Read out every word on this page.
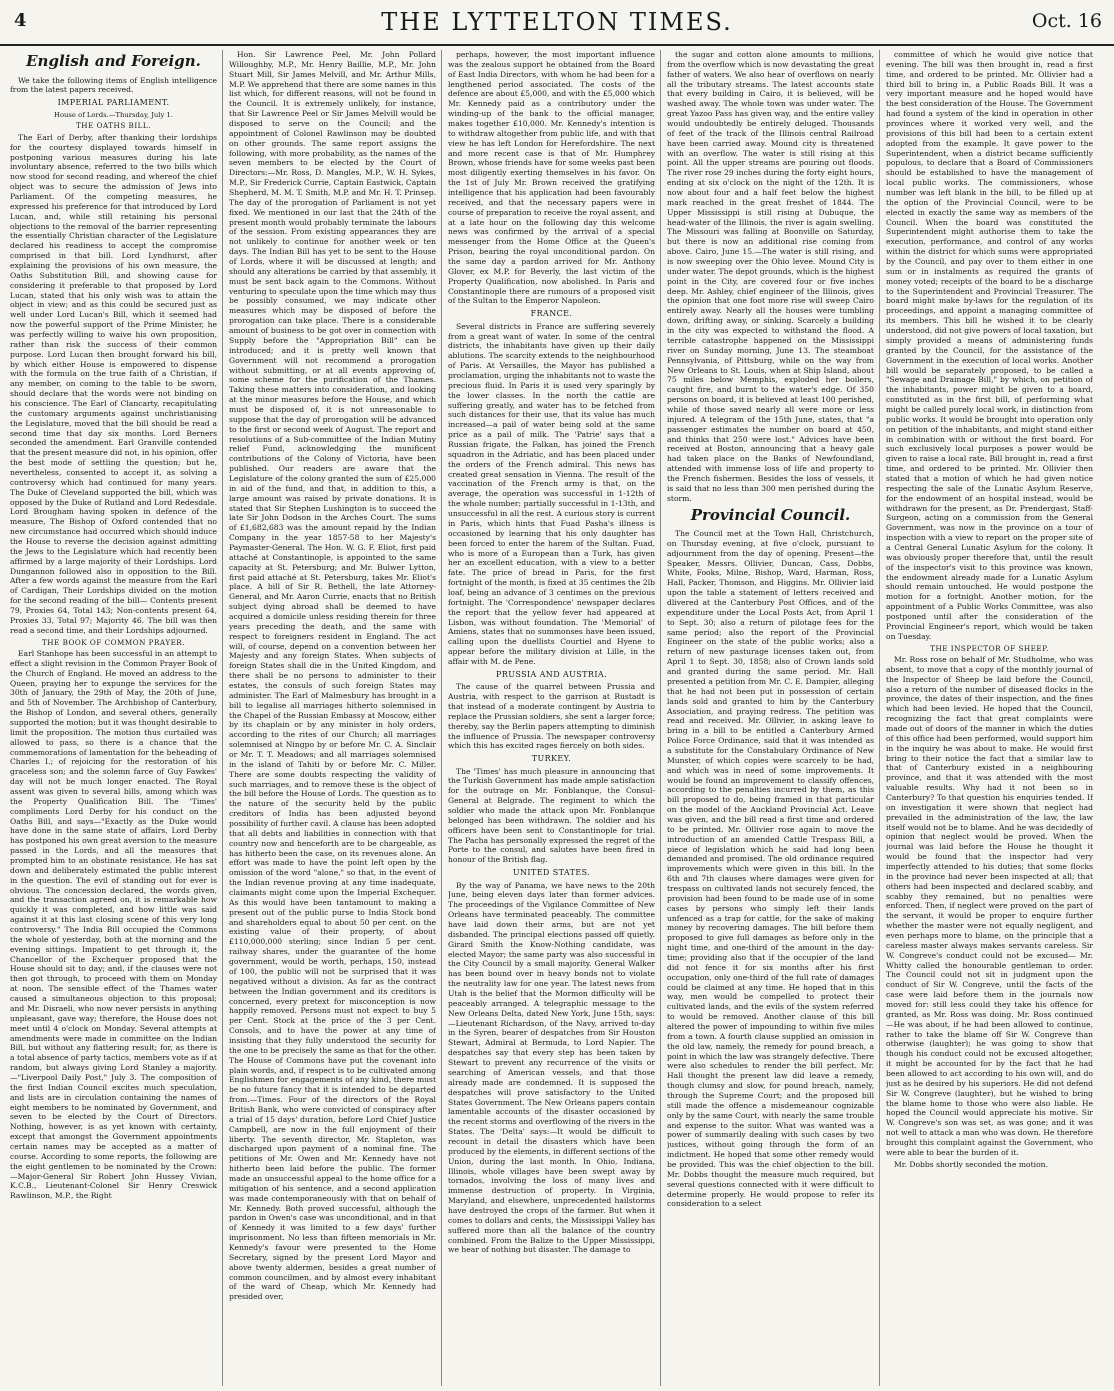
4	THE LYTTELTON TIMES.	Oct. 16
English and Foreign.

We take the following items of English intelligence from the latest papers received.

IMPERIAL PARLIAMENT.
House of Lords.—Thursday, July 1.
THE OATHS BILL.

The Earl of Derby, after thanking their lordships for the courtesy displayed towards himself in postponing various measures during his late involuntary absence, referred to the two bills which now stood for second reading, and whereof the chief object was to secure the admission of Jews into Parliament. Of the competing measures, he expressed his preference for that introduced by Lord Lucan, and, while still retaining his personal objections to the removal of the barrier representing the essentially Christian character of the Legislature declared his readiness to accept the compromise comprised in that bill. Lord Lyndhurst, after explaining the provisions of his own measure, the Oaths Substitution Bill, and showing cause for considering it preferable to that proposed by Lord Lucan, stated that his only wish was to attain the object in view; and as this could be secured just as well under Lord Lucan's Bill, which it seemed had now the powerful support of the Prime Minister, he was perfectly willing to waive his own proposition, rather than risk the success of their common purpose. Lord Lucan then brought forward his bill, by which either House is empowered to dispense with the formula on the true faith of a Christian, if any member, on coming to the table to be sworn, should declare that the words were not binding on his conscience. The Earl of Clancarty, recapitulating the customary arguments against unchristianising the Legislature, moved that the bill should be read a second time that day six months. Lord Berners seconded the amendment. Earl Granville contended that the present measure did not, in his opinion, offer the best mode of settling the question; but he, nevertheless, consented to accept it, as solving a controversy which had continued for many years. The Duke of Cleveland supported the bill, which was opposed by the Duke of Rutland and Lord Redesdale. Lord Brougham having spoken in defence of the measure, The Bishop of Oxford contended that no new circumstance had occurred which should induce the House to reverse the decision against admitting the Jews to the Legislature which had recently been affirmed by a large majority of their Lordships. Lord Dungannon followed also in opposition to the Bill. After a few words against the measure from the Earl of Cardigan, Their Lordships divided on the motion for the second reading of the bill— Contents present 79, Proxies 64, Total 143; Non-contents present 64, Proxies 33, Total 97; Majority 46. The bill was then read a second time, and their Lordships adjourned.

THE BOOK OF COMMON PRAYER.

Earl Stanhope has been successful in an attempt to effect a slight revision in the Common Prayer Book of the Church of England. He moved an address to the Queen, praying her to expunge the services for the 30th of January, the 29th of May, the 20th of June, and 5th of November. The Archbishop of Canterbury, the Bishop of London, and several others, generally supported the motion; but it was thought desirable to limit the proposition. The motion thus curtailed was allowed to pass, so there is a chance that the commemorations of lamentation for the beheading of Charles I.; of rejoicing for the restoration of his graceless son; and the solemn farce of Guy Fawkes' day will not be much longer enacted. The Royal assent was given to several bills, among which was the Property Qualification Bill. The 'Times' compliments Lord Derby for his conduct on the Oaths Bill, and says—"Exactly as the Duke would have done in the same state of affairs, Lord Derby has postponed his own great aversion to the measure passed in the Lords, and all the measures that prompted him to an obstinate resistance. He has sat down and deliberately estimated the public interest in the question. The evil of standing out for ever is obvious. The concession declared, the words given, and the transaction agreed on, it is remarkable how quickly it was completed, and how little was said against it at this last closing scene of this very long controversy." The India Bill occupied the Commons the whole of yesterday, both at the morning and the evening sittings. Impatient to get through it, the Chancellor of the Exchequer proposed that the House should sit to day; and, if the clauses were not then got through, to proceed with them on Monday at noon. The sensible effect of the Thames water caused a simultaneous objection to this proposal; and Mr. Disraeli, who now never persists in anything unpleasant, gave way; therefore, the House does not meet until 4 o'clock on Monday. Several attempts at amendments were made in committee on the Indian Bill, but without any flattering result; for, as there is a total absence of party tactics, members vote as if at random, but always giving Lord Stanley a majority.—"Liverpool Daily Post," July 3. The composition of the first Indian Council excites much speculation, and lists are in circulation containing the names of eight members to be nominated by Government, and seven to be elected by the Court of Directors. Nothing, however, is as yet known with certainty, except that amongst the Government appointments certain names may be accepted as a matter of course. According to some reports, the following are the eight gentlemen to be nominated by the Crown:—Major-General Sir Robert John Hussey Vivian, K.C.B., Lieutenant-Colonel Sir Henry Creswick Rawlinson, M.P., the Right

Hon. Sir Lawrence Peel, Mr. John Pollard Willoughby, M.P., Mr. Henry Baillie, M.P., Mr. John Stuart Mill, Sir James Melvill, and Mr. Arthur Mills, M.P. We apprehend that there are some names in this list which, for different reasons, will not be found in the Council. It is extremely unlikely, for instance, that Sir Lawrence Peel or Sir James Melvill would be disposed to serve on the Council; and the appointment of Colonel Rawlinson may be doubted on other grounds. The same report assigns the following, with more probability, as the names of the seven members to be elected by the Court of Directors:—Mr. Ross, D. Mangles, M.P., W. H. Sykes, M.P., Sir Frederick Currie, Captain Eastwick, Captain Shepherd, M. M. T. Smith, M.P. and Mr. H. T. Prinsep. The day of the prorogation of Parliament is not yet fixed. We mentioned in our last that the 24th of the present month would probably terminate the labours of the session. From existing appearances they are not unlikely to continue for another week or ten days. The Indian Bill has yet to be sent to the House of Lords, where it will be discussed at length; and should any alterations be carried by that assembly, it must be sent back again to the Commons. Without venturing to speculate upon the time which may thus be possibly consumed, we may indicate other measures which may be disposed of before the prorogation can take place. There is a considerable amount of business to be got over in connection with Supply before the "Appropriation Bill" can be introduced; and it is pretty well known that Government will not recommend a prorogation without submitting, or at all events approving of, some scheme for the purification of the Thames. Taking these matters into consideration, and looking at the minor measures before the House, and which must be disposed of, it is not unreasonable to suppose that the day of prorogation will be advanced to the first or second week of August. The report and resolutions of a Sub-committee of the Indian Mutiny relief Fund, acknowledging the munificent contributions of the Colony of Victoria, have been published. Our readers are aware that the Legislature of the colony granted the sum of £25,000 in aid of the fund, and that, in addition to this, a large amount was raised by private donations. It is stated that Sir Stephen Lushington is to succeed the late Sir John Dodson in the Arches Court. The sums of £1,682,683 was the amount repaid by the Indian Company in the year 1857-58 to her Majesty's Paymaster-General. The Hon. W. G. F. Eliot, first paid attaché at Constantinople, is appointed to the same capacity at St. Petersburg; and Mr. Bulwer Lytton, first paid attaché at St. Petersburg, takes Mr. Eliot's place. A bill of Sir R. Bethell, the late Attorney-General, and Mr. Aaron Currie, enacts that no British subject dying abroad shall be deemed to have acquired a domicile unless residing therein for three years preceding the death, and the same with respect to foreigners resident in England. The act will, of course, depend on a convention between her Majesty and any foreign States. When subjects of foreign States shall die in the United Kingdom, and there shall be no persons to administer to their estates, the consuls of such foreign States may administer. The Earl of Malmesbury has brought in a bill to legalise all marriages hitherto solemnised in the Chapel of the Russian Embassy at Moscow, either by its chaplain or by any minister in holy orders, according to the rites of our Church; all marriages solemnised at Ningpo by or before Mr. C. A. Sinclair or Mr. T. T. Meadows; and all marriages solemnised in the island of Tahiti by or before Mr. C. Miller. There are some doubts respecting the validity of such marriages, and to remove these is the object of the bill before the House of Lords. The question as to the nature of the security held by the public creditors of India has been adjusted beyond possibility of further cavil. A clause has been adopted that all debts and liabilities in connection with that country now and henceforth are to be chargeable, as has hitherto been the case, on its revenues alone. An effort was made to have the point left open by the omission of the word "alone," so that, in the event of the Indian revenue proving at any time inadequate, claimants might come upon the Imperial Exchequer. As this would have been tantamount to making a present out of the public purse to India Stock bond and shareholders equal to about 50 per cent. on the existing value of their property, of about £110,000,000 sterling; since Indian 5 per cent. railway shares, under the guarantee of the home government, would be worth, perhaps, 150, instead of 100, the public will not be surprised that it was negatived without a division. As far as the contract between the Indian government and its creditors is concerned, every pretext for misconception is now happily removed. Persons must not expect to buy 5 per Cent. Stock at the price of the 3 per Cent. Consols, and to have the power at any time of insisting that they fully understood the security for the one to be precisely the same as that for the other. The House of Commons have put the covenant into plain words, and, if respect is to be cultivated among Englishmen for engagements of any kind, there must be no future fancy that it is intended to be departed from.—Times. Four of the directors of the Royal British Bank, who were convicted of conspiracy after a trial of 15 days' duration, before Lord Chief Justice Campbell, are now in the full enjoyment of their liberty. The seventh director, Mr. Stapleton, was discharged upon payment of a nominal fine. The petitions of Mr. Owen and Mr. Kennedy have not hitherto been laid before the public. The former made an unsuccessful appeal to the home office for a mitigation of his sentence, and a second application was made contemporaneously with that on behalf of Mr. Kennedy. Both proved successful, although the pardon in Owen's case was unconditional, and in that of Kennedy it was limited to a few days' further imprisonment. No less than fifteen memorials in Mr. Kennedy's favour were presented to the Home Secretary, signed by the present Lord Mayor and above twenty aldermen, besides a great number of common councilmen, and by almost every inhabitant of the ward of Cheap, which Mr. Kennedy had presided over,

perhaps, however, the most important influence was the zealous support he obtained from the Board of East India Directors, with whom he had been for a lengthened period associated. The costs of the defence are about £5,000, and with the £5,000 which Mr. Kennedy paid as a contributory under the winding-up of the bank to the official manager, makes together £10,000. Mr. Kennedy's intention is to withdraw altogether from public life, and with that view he has left London for Herefordshire. The next and more recent case is that of Mr. Humphrey Brown, whose friends have for some weeks past been most diligently exerting themselves in his favor. On the 1st of July Mr. Brown received the gratifying intelligence that his application had been favourably received, and that the necessary papers were in course of preparation to receive the royal assent, and at a late hour on the following day this welcome news was confirmed by the arrival of a special messenger from the Home Office at the Queen's Prison, bearing the royal unconditional pardon. On the same day a pardon arrived for Mr. Anthony Glover, ex M.P. for Beverly, the last victim of the Property Qualification, now abolished. In Paris and Constantinople there are rumours of a proposed visit of the Sultan to the Emperor Napoleon.

FRANCE.

Several districts in France are suffering severely from a great want of water. In some of the central districts, the inhabitants have given up their daily ablutions. The scarcity extends to the neighbourhood of Paris. At Versailles, the Mayor has published a proclamation, urging the inhabitants not to waste the precious fluid. In Paris it is used very sparingly by the lower classes. In the north the cattle are suffering greatly, and water has to be fetched from such distances for their use, that its value has much increased—a pail of water being sold at the same price as a pail of milk. The 'Patrie' says that a Russian frigate, the Falkan, has joined the French squadron in the Adriatic, and has been placed under the orders of the French admiral. This news has created great sensation in Vienna. The result of the vaccination of the French army is that, on the average, the operation was successful in 1-12th of the whole number; partially successful in 1-13th, and unsuccessful in all the rest. A curious story is current in Paris, which hints that Fuad Pasha's illness is occasioned by learning that his only daughter has been forced to enter the harem of the Sultan. Fuad, who is more of a European than a Turk, has given her an excellent education, with a view to a better fate. The price of bread in Paris, for the first fortnight of the month, is fixed at 35 centimes the 2lb loaf, being an advance of 3 centimes on the previous fortnight. The 'Correspondence' newspaper declares the report that the yellow fever had appeared at Lisbon, was without foundation. The 'Memorial' of Amiens, states that no summonses have been issued, calling upon the duellists Courtiel and Hyene to appear before the military division at Lille, in the affair with M. de Pene.

PRUSSIA AND AUSTRIA.

The cause of the quarrel between Prussia and Austria, with respect to the garrison at Rustadt is that instead of a moderate contingent by Austria to replace the Prussian soldiers, she sent a larger force; thereby, say the Berlin papers attempting to diminish the influence of Prussia. The newspaper controversy which this has excited rages fiercely on both sides.

TURKEY.

The 'Times' has much pleasure in announcing that the Turkish Government has made ample satisfaction for the outrage on Mr. Fonblanque, the Consul-General at Belgrade. The regiment to which the soldier who made the attack upon Mr. Fonblanque belonged has been withdrawn. The soldier and his officers have been sent to Constantinople for trial. The Pacha has personally expressed the regret of the Porte to the consul, and salutes have been fired in honour of the British flag.

UNITED STATES.

By the way of Panama, we have news to the 20th June, being eleven days later than former advices. The proceedings of the Vigilance Committee of New Orleans have terminated peaceably. The committee have laid down their arms, but are not yet disbanded. The principal elections passed off quietly. Girard Smith the Know-Nothing candidate, was elected Mayor; the same party was also successful in the City Council by a small majority. General Walker has been bound over in heavy bonds not to violate the neutrality law for one year. The latest news from Utah is the belief that the Mormon difficulty will be peaceably arranged. A telegraphic message to the New Orleans Delta, dated New York, June 15th, says:—Lieutenant Richardson, of the Navy, arrived to-day in the Syren, bearer of despatches from Sir Houston Stewart, Admiral at Bermuda, to Lord Napier. The despatches say that every step has been taken by Stewart to prevent any recurrence of the visits or searching of American vessels, and that those already made are condemned. It is supposed the despatches will prove satisfactory to the United States Government. The New Orleans papers contain lamentable accounts of the disaster occasioned by the recent storms and overflowing of the rivers in the States. The 'Delta' says:—It would be difficult to recount in detail the disasters which have been produced by the elements, in different sections of the Union, during the last month. In Ohio, Indiana, Illinois, whole villages have been swept away by tornados, involving the loss of many lives and immense destruction of property. In Virginia, Maryland, and elsewhere, unprecedented hailstorms have destroyed the crops of the farmer. But when it comes to dollars and cents, the Mississippi Valley has suffered more than all the balance of the country combined. From the Balize to the Upper Mississippi, we hear of nothing but disaster. The damage to

the sugar and cotton alone amounts to millions, from the overflow which is now devastating the great father of waters. We also hear of overflows on nearly all the tributary streams. The latest accounts state that every building in Cairo, it is believed, will be washed away. The whole town was under water. The great Yazoo Pass has given way, and the entire valley would undoubtedly be entirely deluged. Thousands of feet of the track of the Illinois central Railroad have been carried away. Mound city is threatened with an overflow. The water is still rising at this point. All the upper streams are pouring out floods. The river rose 29 inches during the forty eight hours, ending at six o'clock on the night of the 12th. It is now about four and a half feet below the highest mark reached in the great freshet of 1844. The Upper Mississippi is still rising at Dubuque, the head-water of the Illinois, the river is again swelling. The Missouri was falling at Boonville on Saturday, but there is now an additional rise coming from above. Cairo, June 15.—The water is still rising, and is now sweeping over the Ohio levee. Mound City is under water. The depot grounds, which is the highest point in the City, are covered four or five inches deep. Mr. Ashley, chief engineer of the Illinois, gives the opinion that one foot more rise will sweep Cairo entirely away. Nearly all the houses were tumbling down, drifting away, or sinking. Scarcely a building in the city was expected to withstand the flood. A terrible catastrophe happened on the Mississippi river on Sunday morning, June 13. The steamboat Pennsylvania, of Pittsburg, while on the way from New Orleans to St. Louis, when at Ship Island, about 75 miles below Memphis, exploded her boilers, caught fire, and burnt to the water's edge. Of 350 persons on board, it is believed at least 100 perished, while of those saved nearly all were more or less injured. A telegram of the 15th June, states, that "a passenger estimates the number on board at 450, and thinks that 250 were lost." Advices have been received at Boston, announcing that a heavy gale had taken place on the Banks of Newfoundland, attended with immense loss of life and property to the French fishermen. Besides the loss of vessels, it is said that no less than 300 men perished during the storm.

Provincial Council.

The Council met at the Town Hall, Christchurch, on Thursday evening, at five o'clock, pursuant to adjournment from the day of opening. Present—the Speaker, Messrs. Ollivier, Duncan, Cass, Dobbs, White, Fooks, Milne, Bishop, Ward, Harman, Ross, Hall, Packer, Thomson, and Higgins. Mr. Ollivier laid upon the table a statement of letters received and dlivered at the Canterbury Post Offices, and of the expenditure under the Local Posts Act, from April 1 to Sept. 30; also a return of pilotage fees for the same period; also the report of the Provincial Engineer on the state of the public works; also a return of new pasturage licenses taken out, from April 1 to Sept. 30, 1858; also of Crown lands sold and granted during the same period. Mr. Hall presented a petition from Mr. C. E. Dampier, alleging that he had not been put in possession of certain lands sold and granted to him by the Canterbury Association, and praying redress. The petition was read and received. Mr. Ollivier, in asking leave to bring in a bill to be entitled a Canterbury Armed Police Force Ordinance, said that it was intended as a substitute for the Constabulary Ordinance of New Munster, of which copies were scarcely to be had, and which was in need of some improvements. It would be found an improvement to classify offences, according to the penalties incurred by them, as this bill proposed to do, being framed in that particular on the model of the Auckland Provincial Act. Leave was given, and the bill read a first time and ordered to be printed. Mr. Ollivier rose again to move the introduction of an amended Cattle Trespass Bill, a piece of legislation which he said had long been demanded and promised. The old ordinance required improvements which were given in this bill. In the 6th and 7th clauses where damages were given for trespass on cultivated lands not securely fenced, the provision had been found to be made use of in some cases by persons who simply left their lands unfenced as a trap for cattle, for the sake of making money by recovering damages. The bill before them proposed to give full damages as before only in the night time, and one-third of the amount in the day-time; providing also that if the occupier of the land did not fence it for six months after his first occupation, only one-third of the full rate of damages could be claimed at any time. He hoped that in this way, men would be compelled to protect their cultivated lands, and the evils of the system referred to would be removed. Another clause of this bill altered the power of impounding to within five miles from a town. A fourth clause supplied an omission in the old law, namely, the remedy for pound breach, a point in which the law was strangely defective. There were also schedules to render the bill perfect. Mr. Hall thought the present law did leave a remedy, though clumsy and slow, for pound breach, namely, through the Supreme Court; and the proposed bill still made the offence a misdemeanour cognizable only by the same Court, with nearly the same trouble and expense to the suitor. What was wanted was a power of summarily dealing with such cases by two justices, without going through the form of an indictment. He hoped that some other remedy would be provided. This was the chief objection to the bill. Mr. Dobbs thought the measure much required, but several questions connected with it were difficult to determine properly. He would propose to refer its consideration to a select

committee of which he would give notice that evening. The bill was then brought in, read a first time, and ordered to be printed. Mr. Ollivier had a third bill to bring in, a Public Roads Bill. It was a very important measure and he hoped would have the best consideration of the House. The Government had found a system of the kind in operation in other provinces where it worked very well, and the provisions of this bill had been to a certain extent adopted from the example. It gave power to the Superintendent, when a district became sufficiently populous, to declare that a Board of Commissioners should be established to have the management of local public works. The commissioners, whose number was left blank in the bill, to be filled up at the option of the Provincial Council, were to be elected in exactly the same way as members of the Council. When the board was constituted the Superintendent might authorise them to take the execution, performance, and control of any works within the district for which sums were appropriated by the Council, and pay over to them either in one sum or in instalments as required the grants of money voted; receipts of the board to be a discharge to the Superintendent and Provincial Treasurer. The board might make by-laws for the regulation of its proceedings, and appoint a managing committee of its members. This bill he wished it to be clearly understood, did not give powers of local taxation, but simply provided a means of administering funds granted by the Council, for the assistance of the Government in the execution of local works. Another bill would be separately proposed, to be called a "Sewage and Drainage Bill," by which, on petition of the inhabitants, power might be given to a board, constituted as in the first bill, of performing what might be called purely local work, in distinction from public works. It would be brought into operation only on petition of the inhabitants, and might stand either in combination with or without the first board. For such exclusively local purposes a power would be given to raise a local rate. Bill brought in, read a first time, and ordered to be printed. Mr. Ollivier then stated that a motion of which he had given notice respecting the sale of the Lunatic Asylum Reserve, for the endowment of an hospital instead, would be withdrawn for the present, as Dr. Prendergast, Staff-Surgeon, acting on a commission from the General Government, was now in the province on a tour of inspection with a view to report on the proper site of a Central General Lunatic Asylum for the colony. It was obviously proper therefore that, until the result of the inspector's visit to this province was known, the endowment already made for a Lunatic Asylum should remain untouched. He would postpone the motion for a fortnight. Another motion, for the appointment of a Public Works Committee, was also postponed until after the consideration of the Provincial Engineer's report, which would be taken on Tuesday.

THE INSPECTOR OF SHEEP.

Mr. Ross rose on behalf of Mr. Studholme, who was absent, to move that a copy of the monthly journal of the Inspector of Sheep be laid before the Council, also a return of the number of diseased flocks in the province, the dates of their inspection, and the fines which had been levied. He hoped that the Council, recognizing the fact that great complaints were made out of doors of the manner in which the duties of this office had been performed, would support him in the inquiry he was about to make. He would first bring to their notice the fact that a similar law to that of Canterbury existed in a neighbouring province, and that it was attended with the most valuable results. Why had it not been so in Canterbury? To that question his enquiries tended. If on investigation it were shown that neglect had prevailed in the administration of the law, the law itself would not be to blame. And he was decidedly of opinion that neglect would be proved. When the journal was laid before the House he thought it would be found that the inspector had very imperfectly attended to his duties; that some flocks in the province had never been inspected at all; that others had been inspected and declared scabby, and scabby they remained, but no penalties were enforced. Then, if neglect were proved on the part of the servant, it would be proper to enquire further whether the master were not equally negligent, and even perhaps more to blame, on the principle that a careless master always makes servants careless. Sir W. Congreve's conduct could not be excused— Mr. Whitty called the honourable gentleman to order. The Council could not sit in judgment upon the conduct of Sir W. Congreve, until the facts of the case were laid before them in the journals now moved for: still less could they take his offence for granted, as Mr. Ross was doing. Mr. Ross continued—He was about, if he had been allowed to continue, rather to take the blame off Sir W. Congreve than otherwise (laughter); he was going to show that though his conduct could not be excused altogether, it might be accounted for by the fact that he had been allowed to act according to his own will, and do just as he desired by his superiors. He did not defend Sir W. Congreve (laughter), but he wished to bring the blame home to those who were also liable. He hoped the Council would appreciate his motive. Sir W. Congreve's son was set, as was gone; and it was not well to attack a man who was down. He therefore brought this complaint against the Government, who were able to bear the burden of it.

Mr. Dobbs shortly seconded the motion.
